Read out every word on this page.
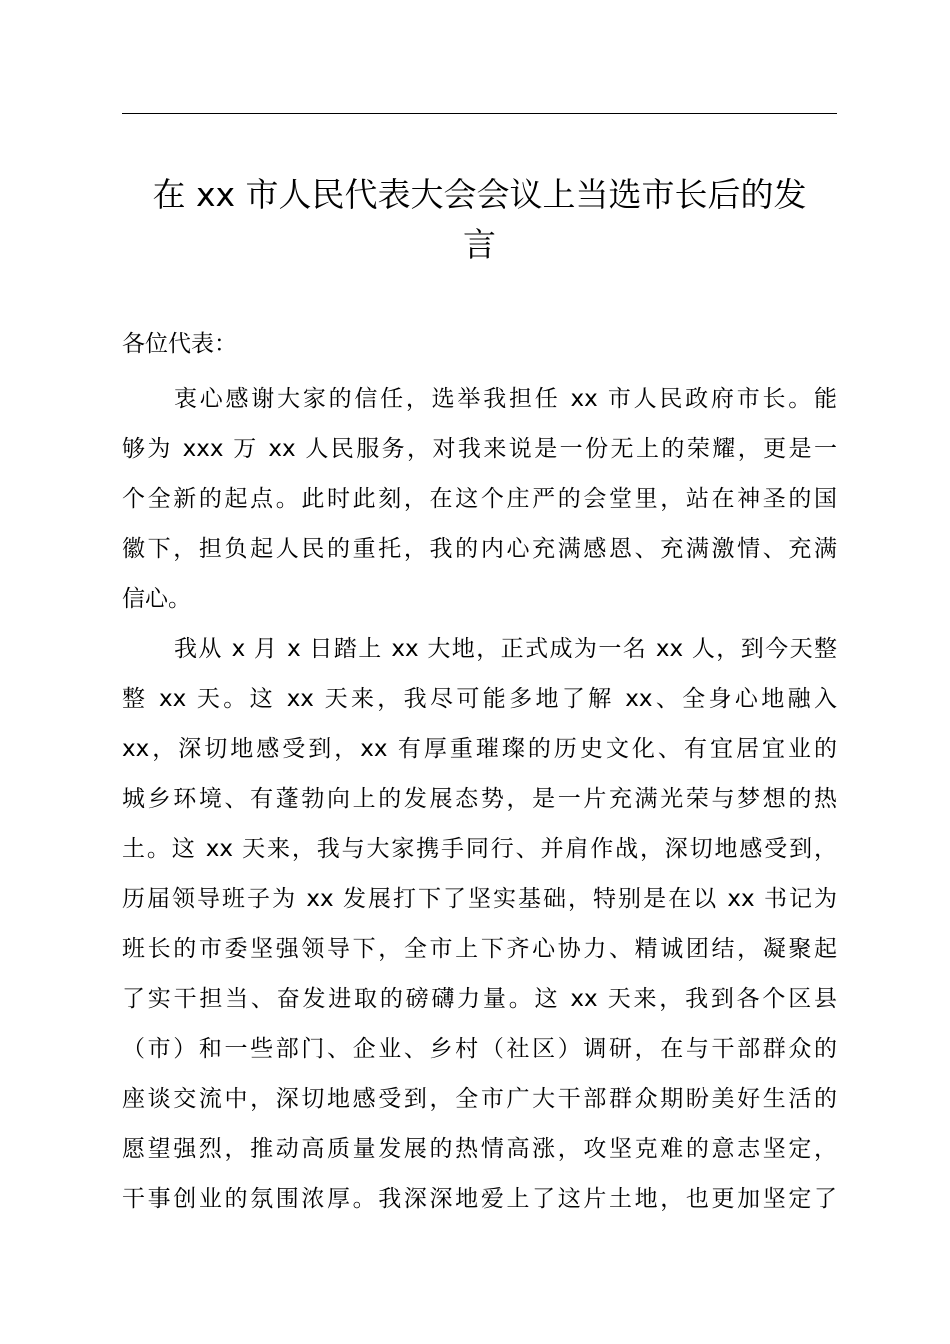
在 xx 市人民代表大会会议上当选市长后的发
言

各位代表：

衷心感谢大家的信任，选举我担任 xx 市人民政府市长。能
够为 xxx 万 xx 人民服务，对我来说是一份无上的荣耀，更是一
个全新的起点。此时此刻，在这个庄严的会堂里，站在神圣的国
徽下，担负起人民的重托，我的内心充满感恩、充满激情、充满
信心。
我从 x 月 x 日踏上 xx 大地，正式成为一名 xx 人，到今天整
整 xx 天。这 xx 天来，我尽可能多地了解 xx、全身心地融入
xx，深切地感受到，xx 有厚重璀璨的历史文化、有宜居宜业的
城乡环境、有蓬勃向上的发展态势，是一片充满光荣与梦想的热
土。这 xx 天来，我与大家携手同行、并肩作战，深切地感受到，
历届领导班子为 xx 发展打下了坚实基础，特别是在以 xx 书记为
班长的市委坚强领导下，全市上下齐心协力、精诚团结，凝聚起
了实干担当、奋发进取的磅礴力量。这 xx 天来，我到各个区县
（市）和一些部门、企业、乡村（社区）调研，在与干部群众的
座谈交流中，深切地感受到，全市广大干部群众期盼美好生活的
愿望强烈，推动高质量发展的热情高涨，攻坚克难的意志坚定，
干事创业的氛围浓厚。我深深地爱上了这片土地，也更加坚定了
